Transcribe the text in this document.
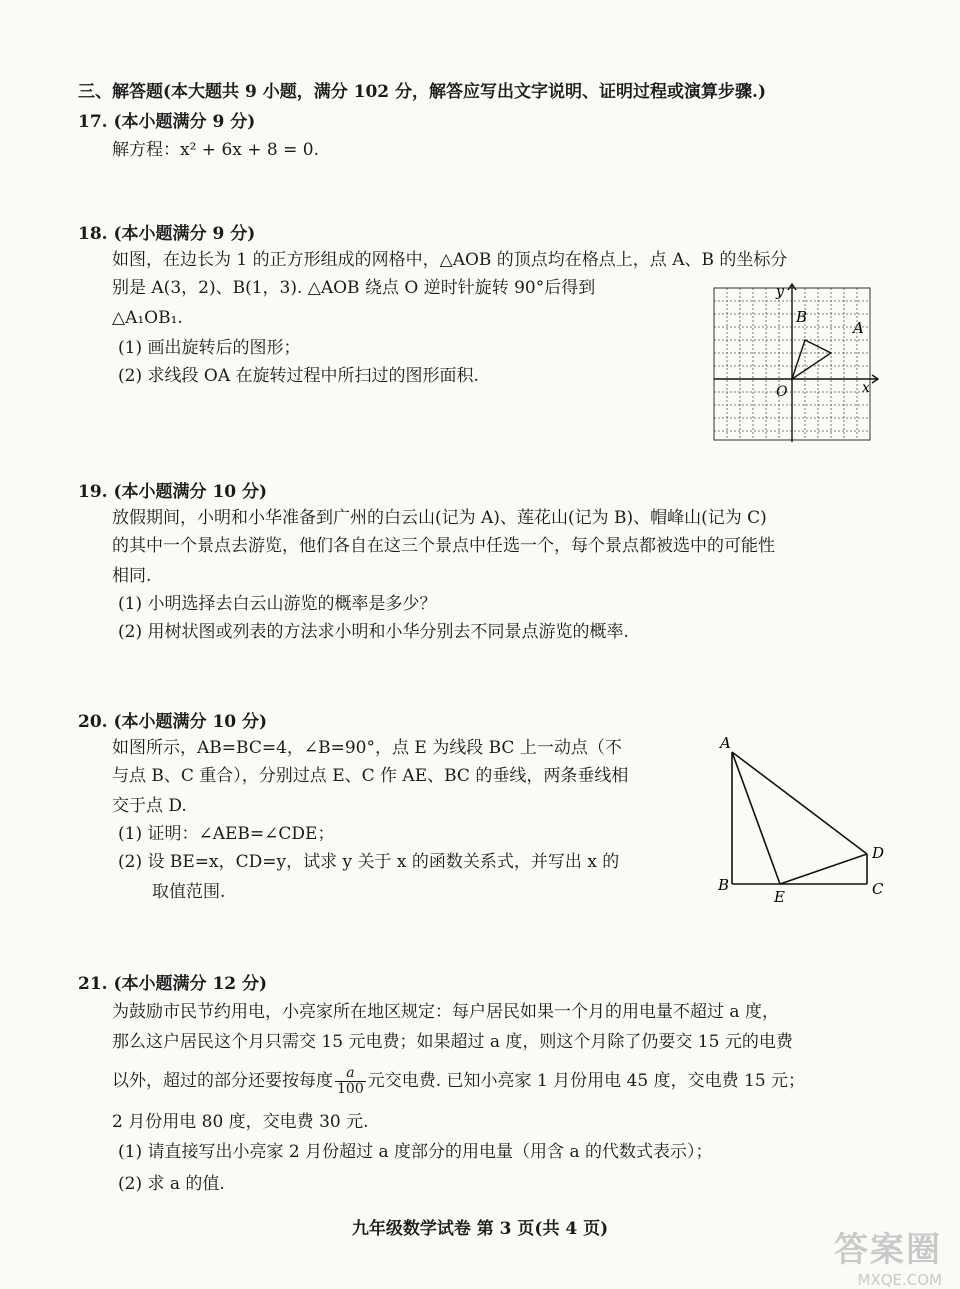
三、解答题(本大题共 9 小题，满分 102 分，解答应写出文字说明、证明过程或演算步骤.)
17. (本小题满分 9 分)
解方程：x² + 6x + 8 = 0.
18. (本小题满分 9 分)
如图，在边长为 1 的正方形组成的网格中，△AOB 的顶点均在格点上，点 A、B 的坐标分
别是 A(3，2)、B(1，3). △AOB 绕点 O 逆时针旋转 90°后得到
△A₁OB₁.
(1) 画出旋转后的图形；
(2) 求线段 OA 在旋转过程中所扫过的图形面积.
y
x
O
A
B
19. (本小题满分 10 分)
放假期间，小明和小华准备到广州的白云山(记为 A)、莲花山(记为 B)、帽峰山(记为 C)
的其中一个景点去游览，他们各自在这三个景点中任选一个，每个景点都被选中的可能性
相同.
(1) 小明选择去白云山游览的概率是多少？
(2) 用树状图或列表的方法求小明和小华分别去不同景点游览的概率.
20. (本小题满分 10 分)
如图所示，AB=BC=4，∠B=90°，点 E 为线段 BC 上一动点（不
与点 B、C 重合），分别过点 E、C 作 AE、BC 的垂线，两条垂线相
交于点 D.
(1) 证明：∠AEB=∠CDE；
(2) 设 BE=x，CD=y，试求 y 关于 x 的函数关系式，并写出 x 的
取值范围.
A
B
E	C
D
21. (本小题满分 12 分)
为鼓励市民节约用电，小亮家所在地区规定：每户居民如果一个月的用电量不超过 a 度，
那么这户居民这个月只需交 15 元电费；如果超过 a 度，则这个月除了仍要交 15 元的电费
以外，超过的部分还要按每度 $\frac{a}{100}$ 元交电费. 已知小亮家 1 月份用电 45 度，交电费 15 元；
2 月份用电 80 度，交电费 30 元.
(1) 请直接写出小亮家 2 月份超过 a 度部分的用电量（用含 a 的代数式表示）；
(2) 求 a 的值.
九年级数学试卷 第 3 页(共 4 页)
答案圈
MXQE.COM
